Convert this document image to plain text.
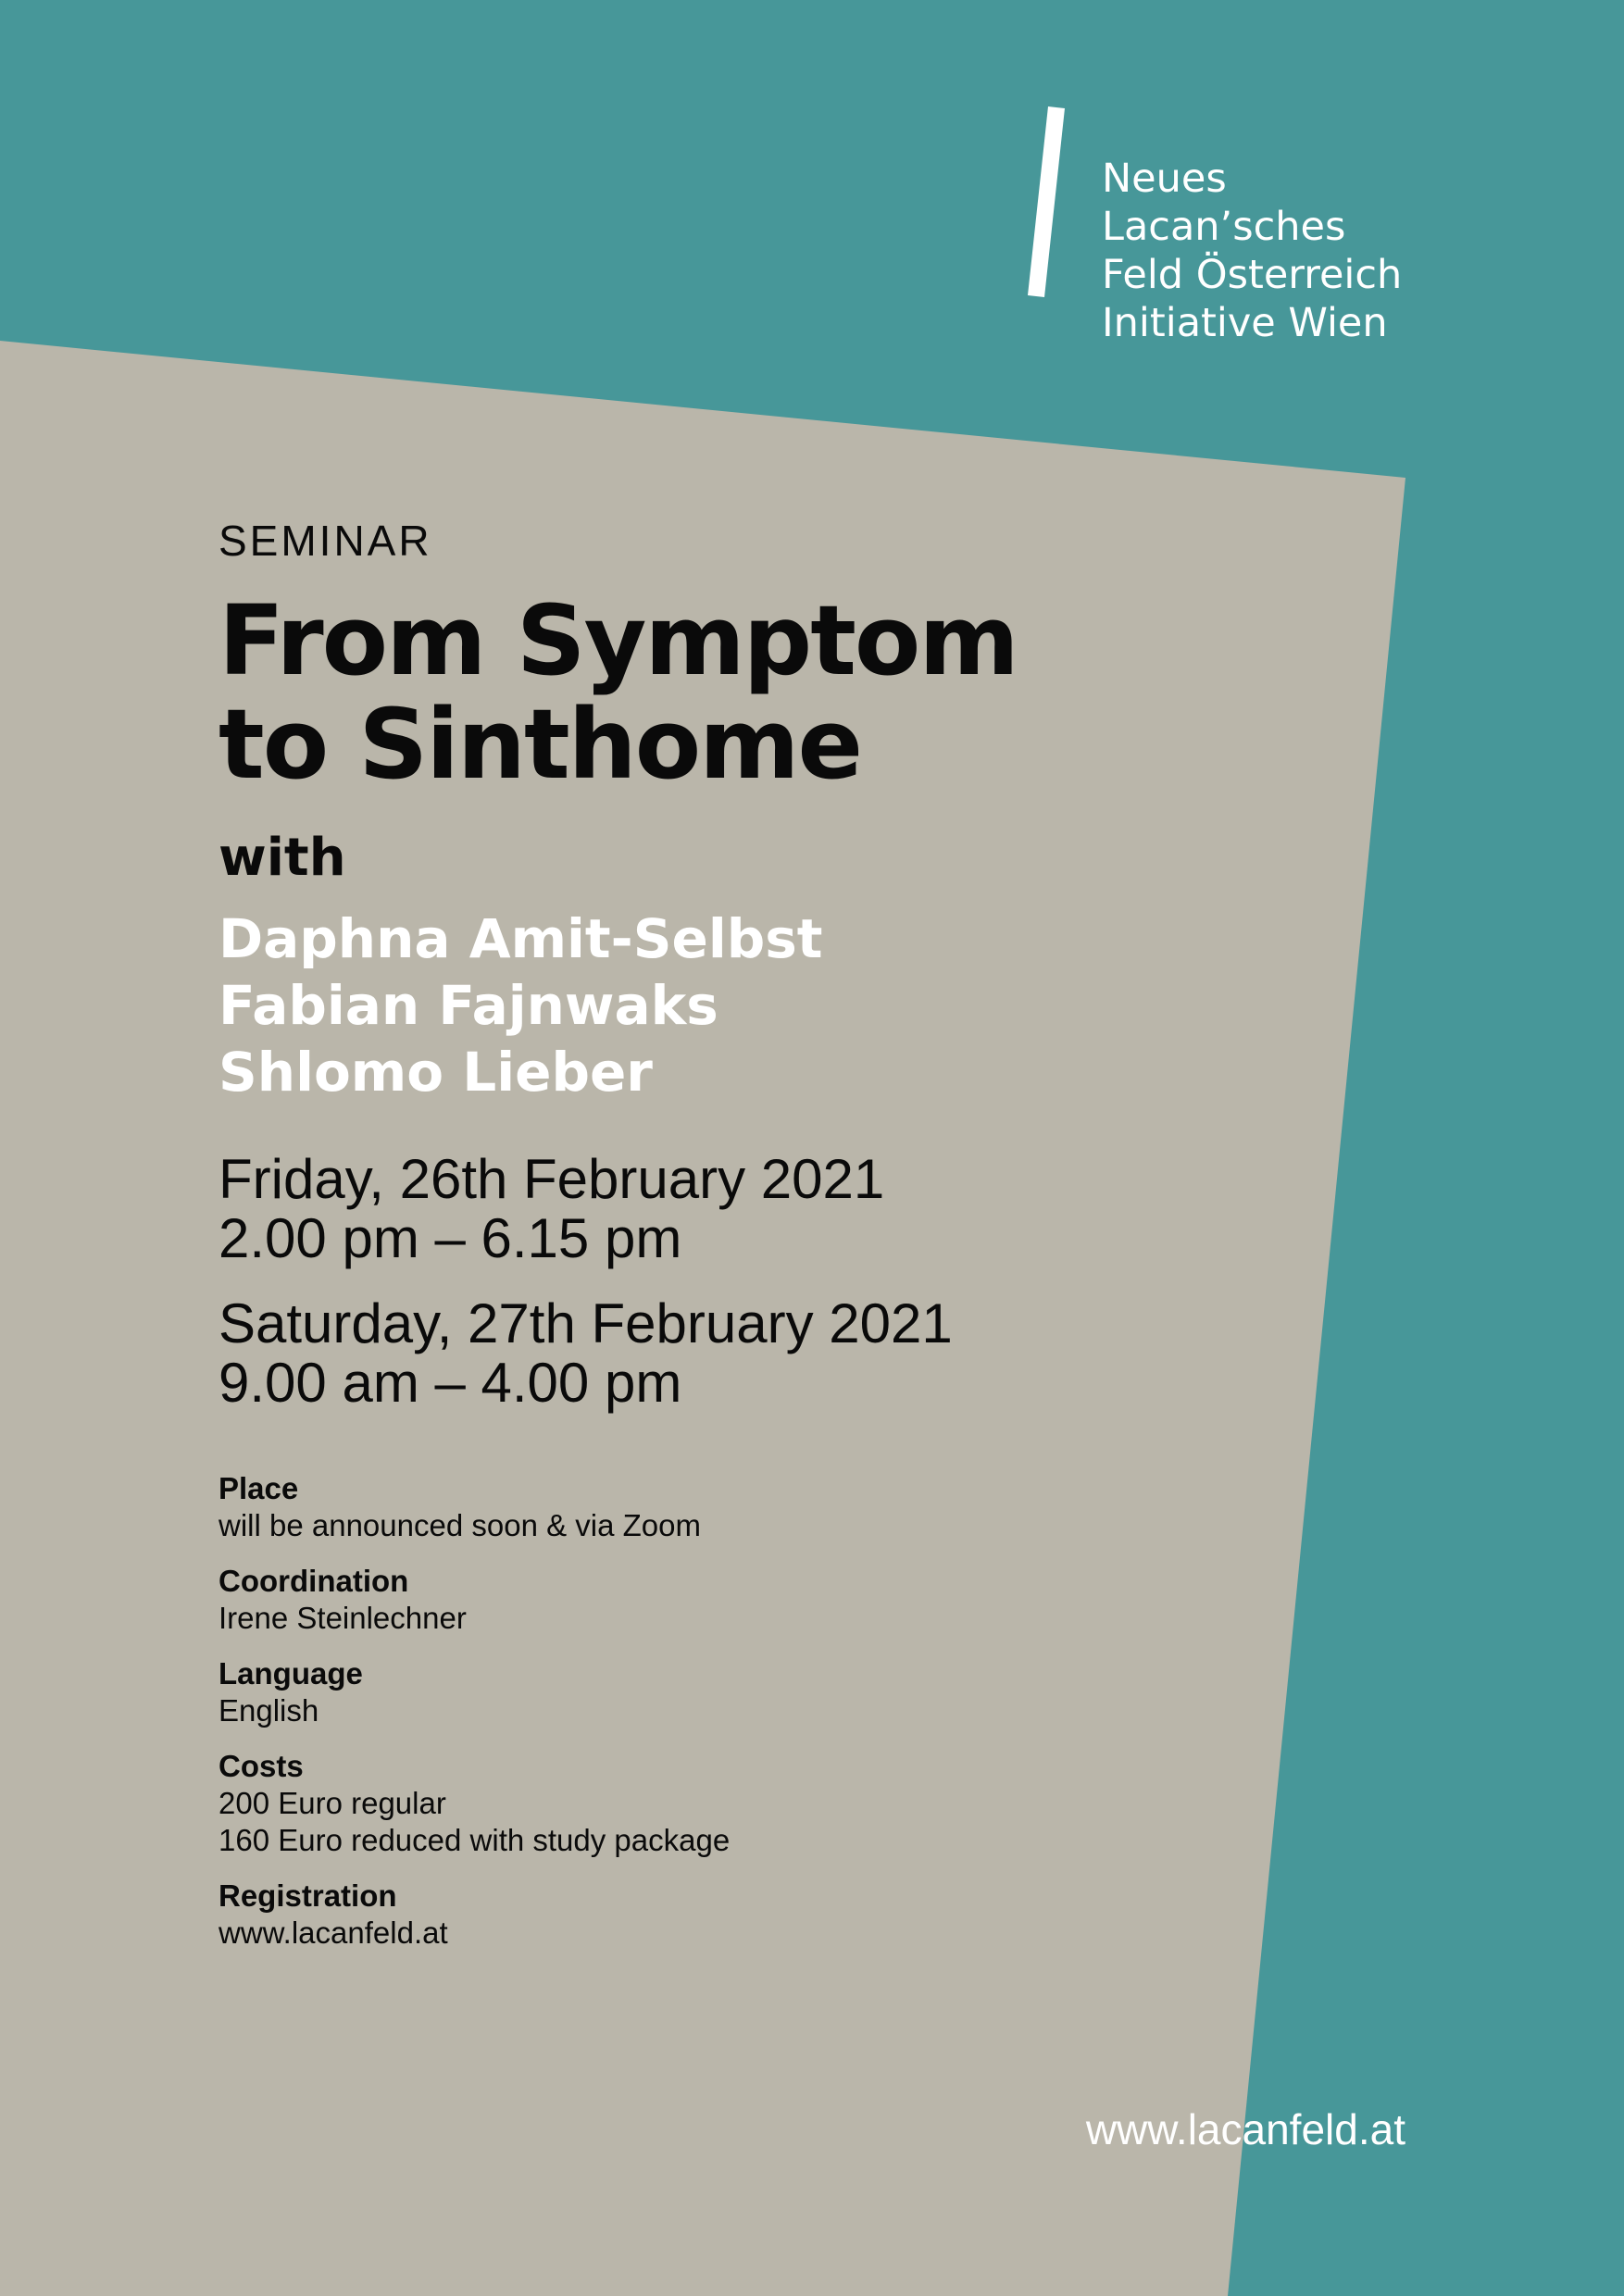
Neues
Lacan’sches
Feld Österreich
Initiative Wien
SEMINAR
From Symptom
to Sinthome
with
Daphna Amit-Selbst
Fabian Fajnwaks
Shlomo Lieber
Friday, 26th February 2021
2.00 pm – 6.15 pm
Saturday, 27th February 2021
9.00 am – 4.00 pm
Place
will be announced soon & via Zoom
Coordination
Irene Steinlechner
Language
English
Costs
200 Euro regular
160 Euro reduced with study package
Registration
www.lacanfeld.at
www.lacanfeld.at
